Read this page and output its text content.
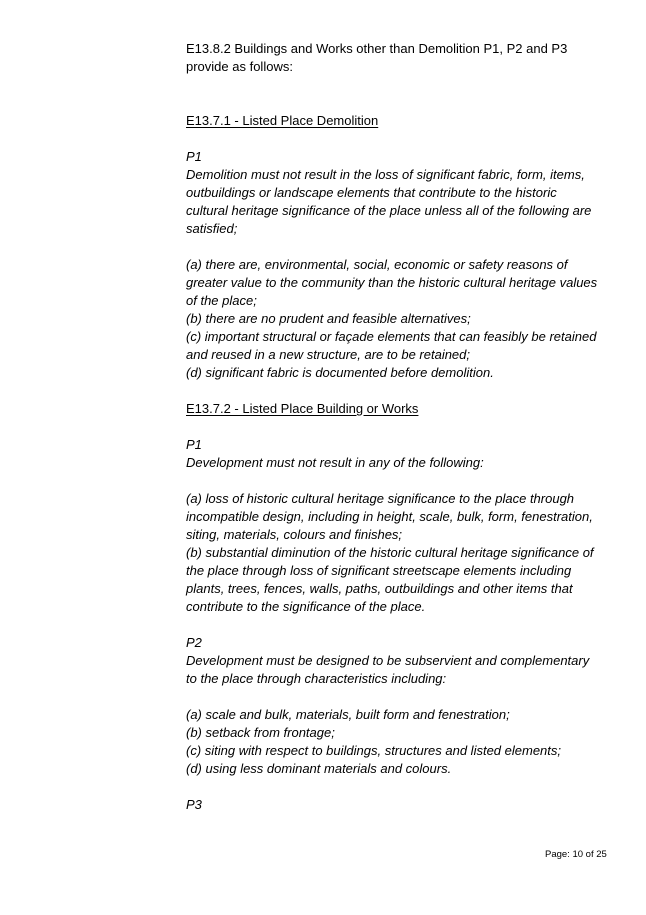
E13.8.2 Buildings and Works other than Demolition P1, P2 and P3
provide as follows:
E13.7.1 - Listed Place Demolition
P1
Demolition must not result in the loss of significant fabric, form, items,
outbuildings or landscape elements that contribute to the historic
cultural heritage significance of the place unless all of the following are
satisfied;
(a) there are, environmental, social, economic or safety reasons of
greater value to the community than the historic cultural heritage values
of the place;
(b) there are no prudent and feasible alternatives;
(c) important structural or façade elements that can feasibly be retained
and reused in a new structure, are to be retained;
(d) significant fabric is documented before demolition.
E13.7.2 - Listed Place Building or Works
P1
Development must not result in any of the following:
(a) loss of historic cultural heritage significance to the place through
incompatible design, including in height, scale, bulk, form, fenestration,
siting, materials, colours and finishes;
(b) substantial diminution of the historic cultural heritage significance of
the place through loss of significant streetscape elements including
plants, trees, fences, walls, paths, outbuildings and other items that
contribute to the significance of the place.
P2
Development must be designed to be subservient and complementary
to the place through characteristics including:
(a) scale and bulk, materials, built form and fenestration;
(b) setback from frontage;
(c) siting with respect to buildings, structures and listed elements;
(d) using less dominant materials and colours.
P3
Page: 10 of 25
